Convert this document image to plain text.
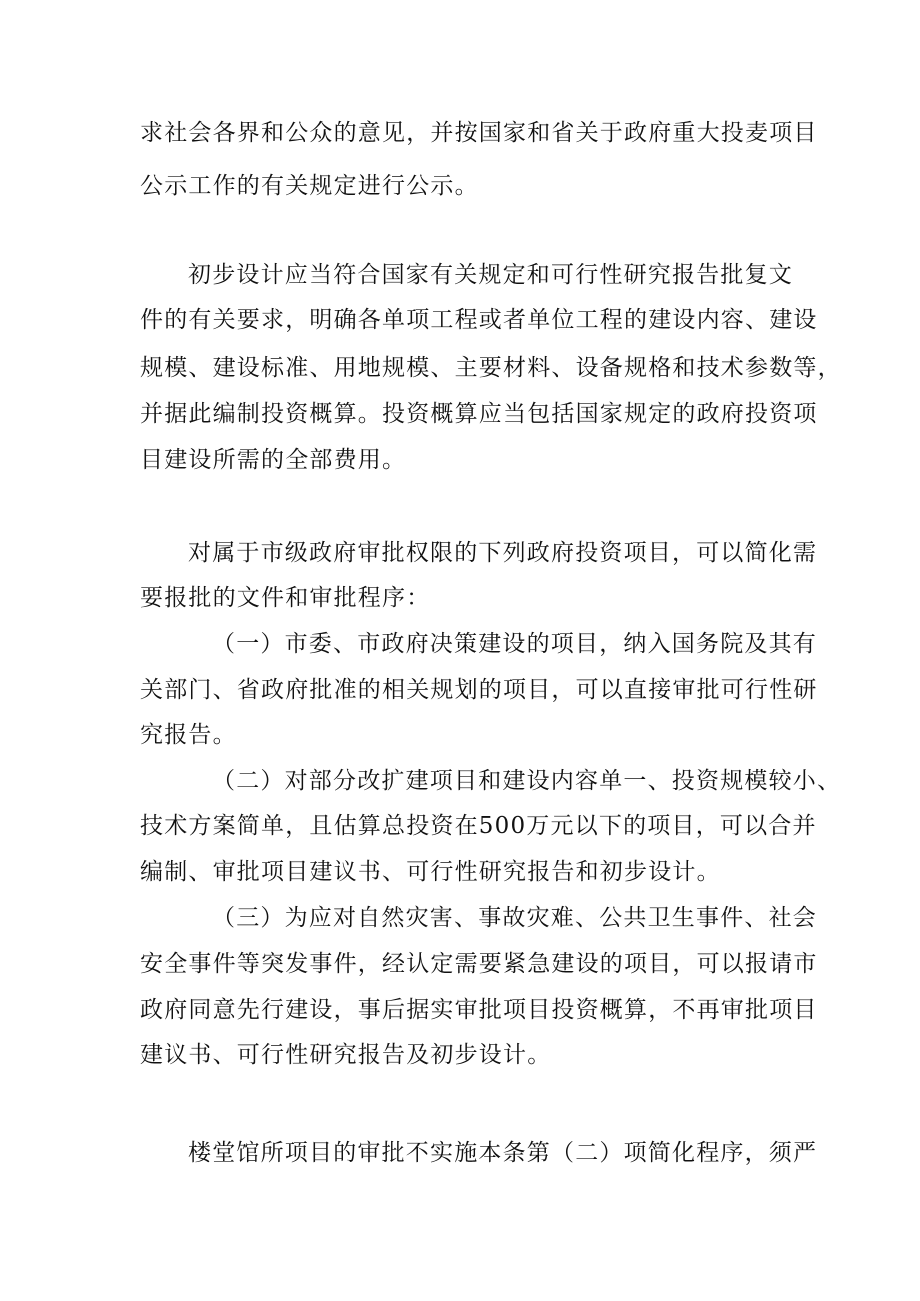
求社会各界和公众的意见，并按国家和省关于政府重大投麦项目
公示工作的有关规定进行公示。
初步设计应当符合国家有关规定和可行性研究报告批复文
件的有关要求，明确各单项工程或者单位工程的建设内容、建设
规模、建设标准、用地规模、主要材料、设备规格和技术参数等，
并据此编制投资概算。投资概算应当包括国家规定的政府投资项
目建设所需的全部费用。
对属于市级政府审批权限的下列政府投资项目，可以简化需
要报批的文件和审批程序：
（一）市委、市政府决策建设的项目，纳入国务院及其有
关部门、省政府批准的相关规划的项目，可以直接审批可行性研
究报告。
（二）对部分改扩建项目和建设内容单一、投资规模较小、
技术方案简单，且估算总投资在500万元以下的项目，可以合并
编制、审批项目建议书、可行性研究报告和初步设计。
（三）为应对自然灾害、事故灾难、公共卫生事件、社会
安全事件等突发事件，经认定需要紧急建设的项目，可以报请市
政府同意先行建设，事后据实审批项目投资概算，不再审批项目
建议书、可行性研究报告及初步设计。
楼堂馆所项目的审批不实施本条第（二）项简化程序，须严
